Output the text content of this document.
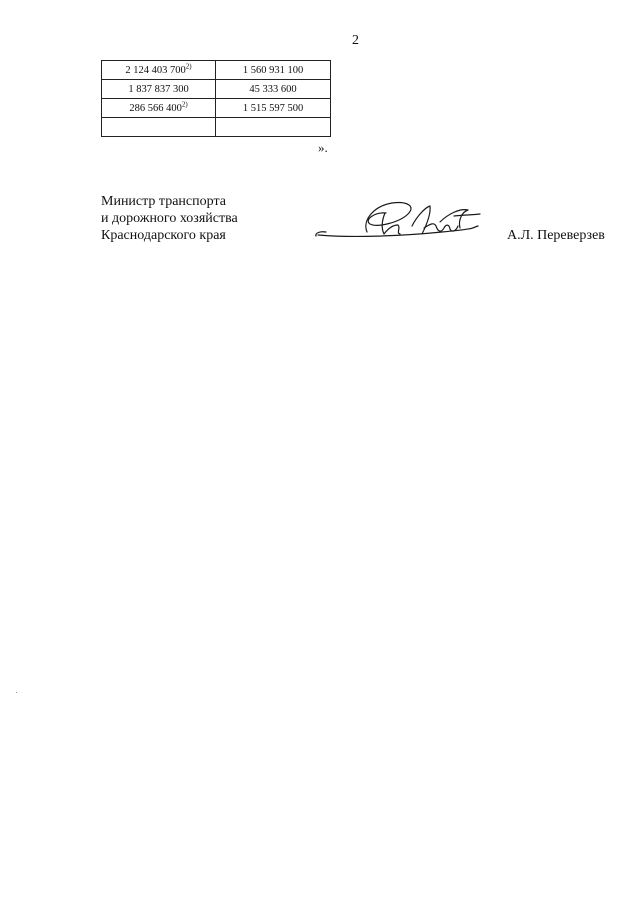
2
2 124 403 700$^{2)}$	1 560 931 100
1 837 837 300	45 333 600
286 566 400$^{2)}$	1 515 597 500

».
Министр транспорта
и дорожного хозяйства
Краснодарского края	А.Л. Переверзев
